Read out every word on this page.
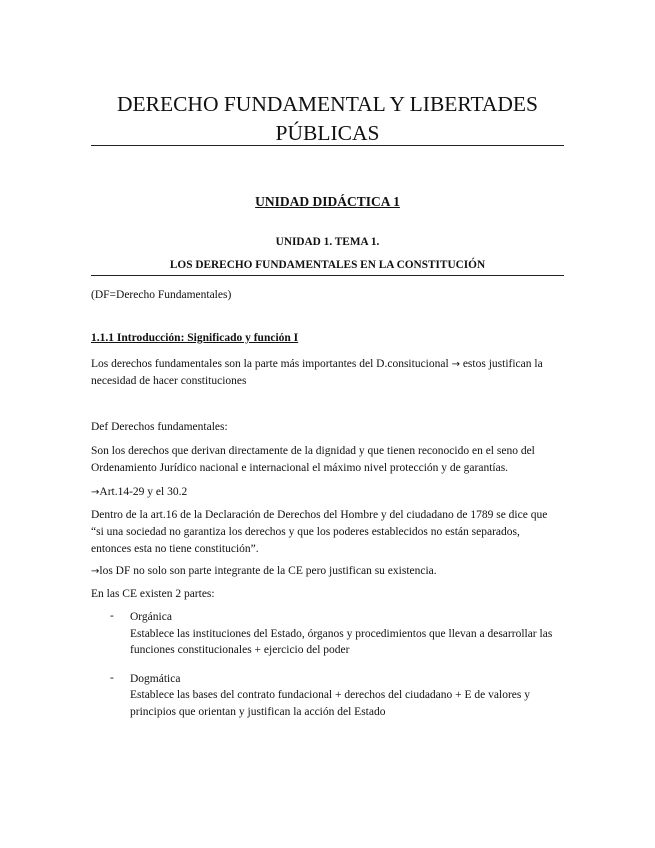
DERECHO FUNDAMENTAL Y LIBERTADES PÚBLICAS
UNIDAD DIDÁCTICA 1
UNIDAD 1. TEMA 1.
LOS DERECHO FUNDAMENTALES EN LA CONSTITUCIÓN
(DF=Derecho Fundamentales)
1.1.1 Introducción: Significado y función I
Los derechos fundamentales son la parte más importantes del D.consitucional → estos justifican la
necesidad de hacer constituciones
Def Derechos fundamentales:
Son los derechos que derivan directamente de la dignidad y que tienen reconocido en el seno del
Ordenamiento Jurídico nacional e internacional el máximo nivel protección y de garantías.
→Art.14-29 y el 30.2
Dentro de la art.16 de la Declaración de Derechos del Hombre y del ciudadano de 1789 se dice que
“si una sociedad no garantiza los derechos y que los poderes establecidos no están separados,
entonces esta no tiene constitución”.
→los DF no solo son parte integrante de la CE pero justifican su existencia.
En las CE existen 2 partes:
- Orgánica
Establece las instituciones del Estado, órganos y procedimientos que llevan a desarrollar las
funciones constitucionales + ejercicio del poder
- Dogmática
Establece las bases del contrato fundacional + derechos del ciudadano + E de valores y
principios que orientan y justifican la acción del Estado
